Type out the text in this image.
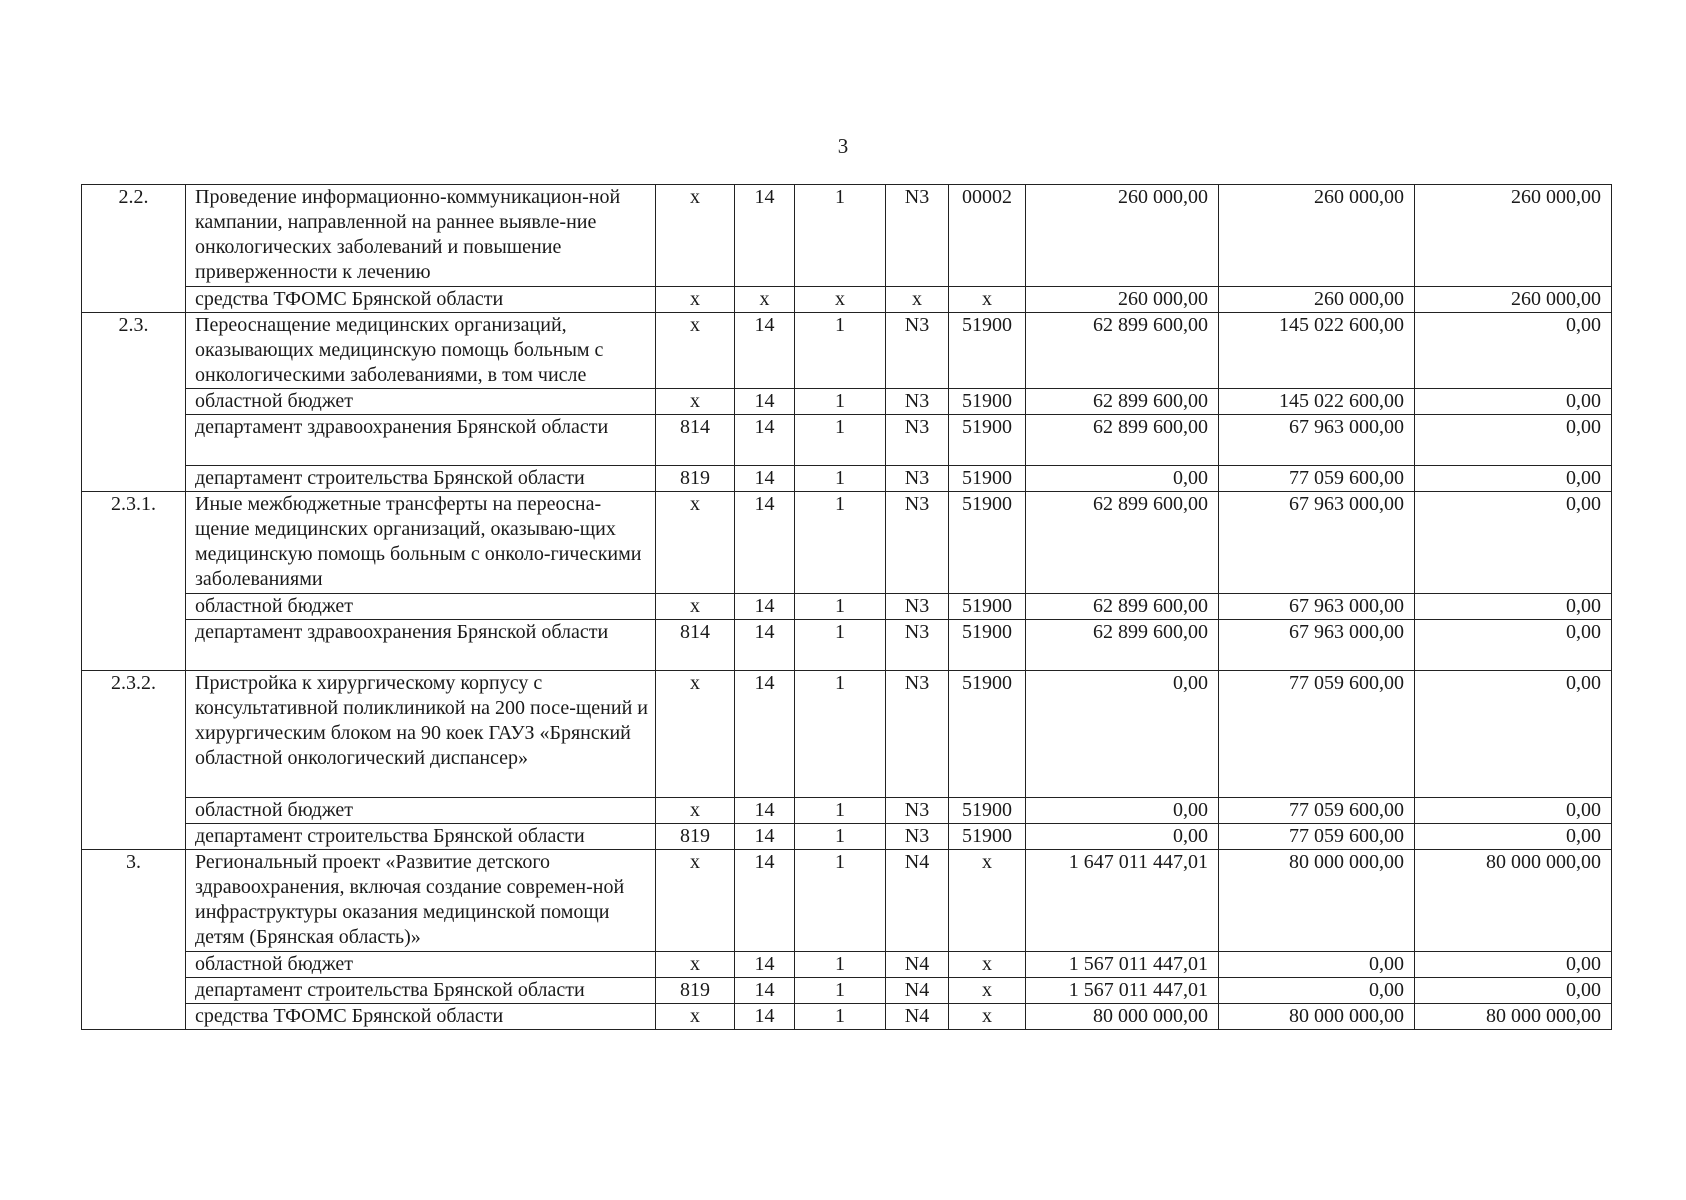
3
2.2.	Проведение информационно-коммуникацион-ной кампании, направленной на раннее выявле-ние онкологических заболеваний и повышение приверженности к лечению	x	14	1	N3	00002	260 000,00	260 000,00	260 000,00
	средства ТФОМС Брянской области	x	x	x	x	x	260 000,00	260 000,00	260 000,00
2.3.	Переоснащение медицинских организаций, оказывающих медицинскую помощь больным с онкологическими заболеваниями, в том числе	x	14	1	N3	51900	62 899 600,00	145 022 600,00	0,00
	областной бюджет	x	14	1	N3	51900	62 899 600,00	145 022 600,00	0,00
	департамент здравоохранения Брянской области	814	14	1	N3	51900	62 899 600,00	67 963 000,00	0,00
	департамент строительства Брянской области	819	14	1	N3	51900	0,00	77 059 600,00	0,00
2.3.1.	Иные межбюджетные трансферты на переосна-щение медицинских организаций, оказываю-щих медицинскую помощь больным с онколо-гическими заболеваниями	x	14	1	N3	51900	62 899 600,00	67 963 000,00	0,00
	областной бюджет	x	14	1	N3	51900	62 899 600,00	67 963 000,00	0,00
	департамент здравоохранения Брянской области	814	14	1	N3	51900	62 899 600,00	67 963 000,00	0,00
2.3.2.	Пристройка к хирургическому корпусу с консультативной поликлиникой на 200 посе-щений и хирургическим блоком на 90 коек ГАУЗ «Брянский областной онкологический диспансер»	x	14	1	N3	51900	0,00	77 059 600,00	0,00
	областной бюджет	x	14	1	N3	51900	0,00	77 059 600,00	0,00
	департамент строительства Брянской области	819	14	1	N3	51900	0,00	77 059 600,00	0,00
3.	Региональный проект «Развитие детского здравоохранения, включая создание современ-ной инфраструктуры оказания медицинской помощи детям (Брянская область)»	x	14	1	N4	x	1 647 011 447,01	80 000 000,00	80 000 000,00
	областной бюджет	x	14	1	N4	x	1 567 011 447,01	0,00	0,00
	департамент строительства Брянской области	819	14	1	N4	x	1 567 011 447,01	0,00	0,00
	средства ТФОМС Брянской области	x	14	1	N4	x	80 000 000,00	80 000 000,00	80 000 000,00
